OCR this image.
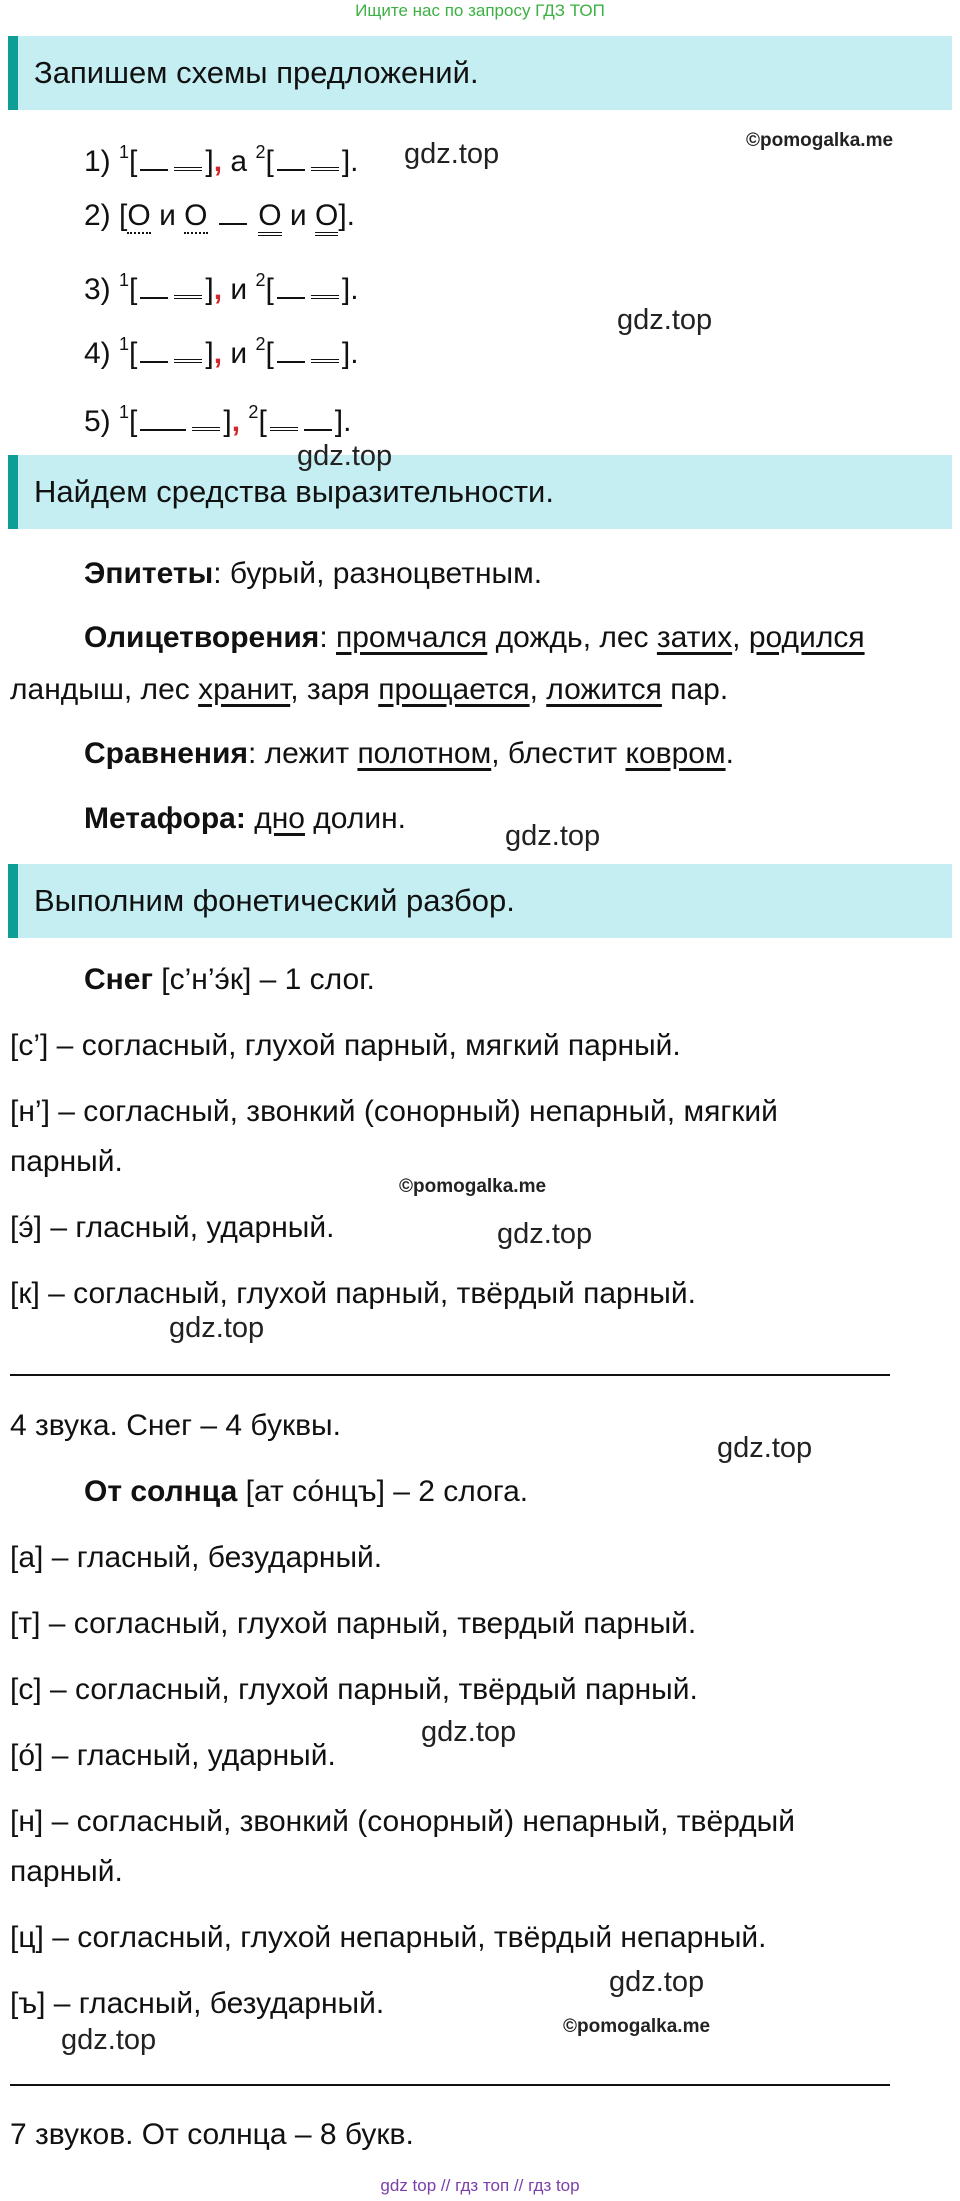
Ищите нас по запросу ГДЗ ТОП
Запишем схемы предложений.
1) $^1$[ ], а $^2$[ ].
2) [О и О О и О].
3) $^1$[ ], и $^2$[ ].
4) $^1$[ ], и $^2$[ ].
5) $^1$[	], $^2$[ ].
Найдем средства выразительности.
Эпитеты: бурый, разноцветным.
Олицетворения: промчался дождь, лес затих, родился
ландыш, лес хранит, заря прощается, ложится пар.
Сравнения: лежит полотном, блестит ковром.
Метафора: дно долин.
Выполним фонетический разбор.
Снег [с’н’э́к] – 1 слог.
[с’] – согласный, глухой парный, мягкий парный.
[н’] – согласный, звонкий (сонорный) непарный, мягкий
парный.
[э́] – гласный, ударный.
[к] – согласный, глухой парный, твёрдый парный.
4 звука. Снег – 4 буквы.
От солнца [ат со́нцъ] – 2 слога.
[а] – гласный, безударный.
[т] – согласный, глухой парный, твердый парный.
[с] – согласный, глухой парный, твёрдый парный.
[о́] – гласный, ударный.
[н] – согласный, звонкий (сонорный) непарный, твёрдый
парный.
[ц] – согласный, глухой непарный, твёрдый непарный.
[ъ] – гласный, безударный.
7 звуков. От солнца – 8 букв.
©pomogalka.me
gdz.top
gdz.top
gdz.top
gdz.top
©pomogalka.me
gdz.top
gdz.top
gdz.top
gdz.top
gdz.top
©pomogalka.me
gdz.top
gdz top // гдз топ // гдз top
